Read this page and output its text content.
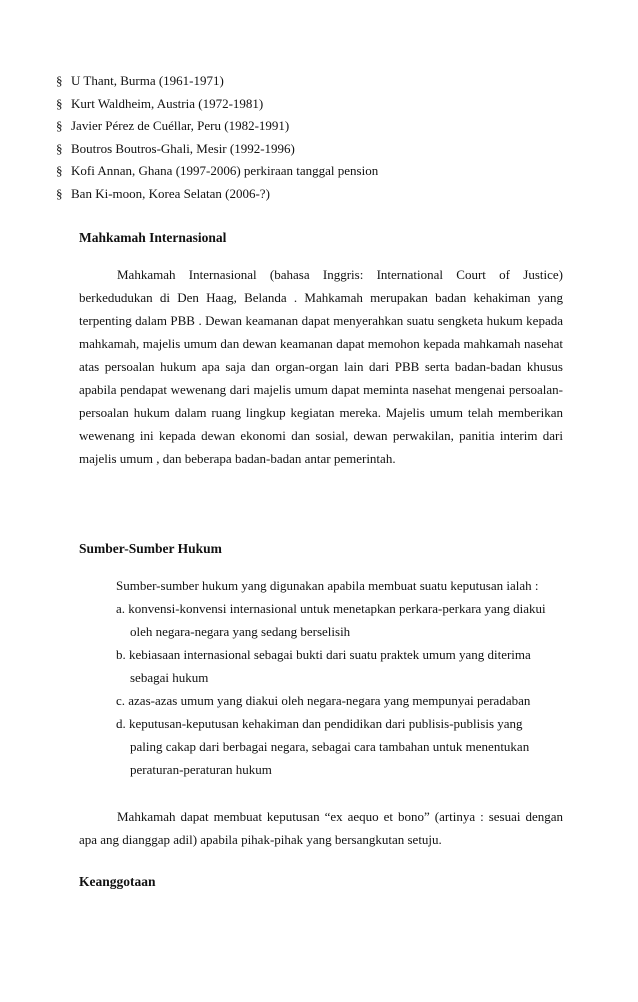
§ U Thant, Burma (1961-1971)
§ Kurt Waldheim, Austria (1972-1981)
§ Javier Pérez de Cuéllar, Peru (1982-1991)
§ Boutros Boutros-Ghali, Mesir (1992-1996)
§ Kofi Annan, Ghana (1997-2006) perkiraan tanggal pension
§ Ban Ki-moon, Korea Selatan (2006-?)
Mahkamah Internasional
Mahkamah Internasional (bahasa Inggris: International Court of Justice) berkedudukan di Den Haag, Belanda . Mahkamah merupakan badan kehakiman yang terpenting dalam PBB . Dewan keamanan dapat menyerahkan suatu sengketa hukum kepada mahkamah, majelis umum dan dewan keamanan dapat memohon kepada mahkamah nasehat atas persoalan hukum apa saja dan organ-organ lain dari PBB serta badan-badan khusus apabila pendapat wewenang dari majelis umum dapat meminta nasehat mengenai persoalan-persoalan hukum dalam ruang lingkup kegiatan mereka. Majelis umum telah memberikan wewenang ini kepada dewan ekonomi dan sosial, dewan perwakilan, panitia interim dari majelis umum , dan beberapa badan-badan antar pemerintah.
Sumber-Sumber Hukum
Sumber-sumber hukum yang digunakan apabila membuat suatu keputusan ialah :
a. konvensi-konvensi internasional untuk menetapkan perkara-perkara yang diakui
oleh negara-negara yang sedang berselisih
b. kebiasaan internasional sebagai bukti dari suatu praktek umum yang diterima
sebagai hukum
c. azas-azas umum yang diakui oleh negara-negara yang mempunyai peradaban
d. keputusan-keputusan kehakiman dan pendidikan dari publisis-publisis yang
paling cakap dari berbagai negara, sebagai cara tambahan untuk menentukan
peraturan-peraturan hukum
Mahkamah dapat membuat keputusan “ex aequo et bono” (artinya : sesuai dengan apa ang dianggap adil) apabila pihak-pihak yang bersangkutan setuju.
Keanggotaan
